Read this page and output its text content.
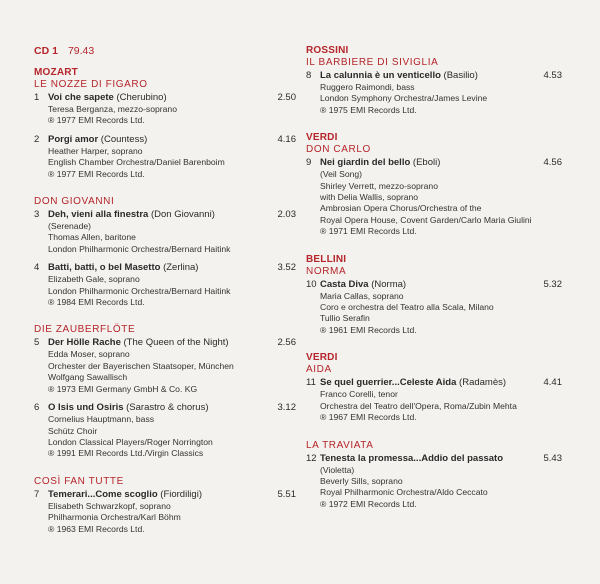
CD 1 79.43
MOZART
LE NOZZE DI FIGARO
1 Voi che sapete (Cherubino)	2.50
Teresa Berganza, mezzo-soprano
® 1977 EMI Records Ltd.
2 Porgi amor (Countess)	4.16
Heather Harper, soprano
English Chamber Orchestra/Daniel Barenboim
® 1977 EMI Records Ltd.
DON GIOVANNI
3 Deh, vieni alla finestra (Don Giovanni)	2.03
(Serenade)
Thomas Allen, baritone
London Philharmonic Orchestra/Bernard Haitink
4 Batti, batti, o bel Masetto (Zerlina)	3.52
Elizabeth Gale, soprano
London Philharmonic Orchestra/Bernard Haitink
® 1984 EMI Records Ltd.
DIE ZAUBERFLÖTE
5 Der Hölle Rache (The Queen of the Night)	2.56
Edda Moser, soprano
Orchester der Bayerischen Staatsoper, München
Wolfgang Sawallisch
® 1973 EMI Germany GmbH & Co. KG
6 O Isis und Osiris (Sarastro & chorus)	3.12
Cornelius Hauptmann, bass
Schütz Choir
London Classical Players/Roger Norrington
® 1991 EMI Records Ltd./Virgin Classics
COSÌ FAN TUTTE
7 Temerari...Come scoglio (Fiordiligi)	5.51
Elisabeth Schwarzkopf, soprano
Philharmonia Orchestra/Karl Böhm
® 1963 EMI Records Ltd.
ROSSINI
IL BARBIERE DI SIVIGLIA
8 La calunnia è un venticello (Basilio)	4.53
Ruggero Raimondi, bass
London Symphony Orchestra/James Levine
® 1975 EMI Records Ltd.
VERDI
DON CARLO
9 Nei giardin del bello (Eboli)	4.56
(Veil Song)
Shirley Verrett, mezzo-soprano
with Delia Wallis, soprano
Ambrosian Opera Chorus/Orchestra of the
Royal Opera House, Covent Garden/Carlo Maria Giulini
® 1971 EMI Records Ltd.
BELLINI
NORMA
10 Casta Diva (Norma)	5.32
Maria Callas, soprano
Coro e orchestra del Teatro alla Scala, Milano
Tullio Serafin
® 1961 EMI Records Ltd.
VERDI
AIDA
11 Se quel guerrier...Celeste Aida (Radamès)	4.41
Franco Corelli, tenor
Orchestra del Teatro dell'Opera, Roma/Zubin Mehta
® 1967 EMI Records Ltd.
LA TRAVIATA
12 Tenesta la promessa...Addio del passato	5.43
(Violetta)
Beverly Sills, soprano
Royal Philharmonic Orchestra/Aldo Ceccato
® 1972 EMI Records Ltd.
